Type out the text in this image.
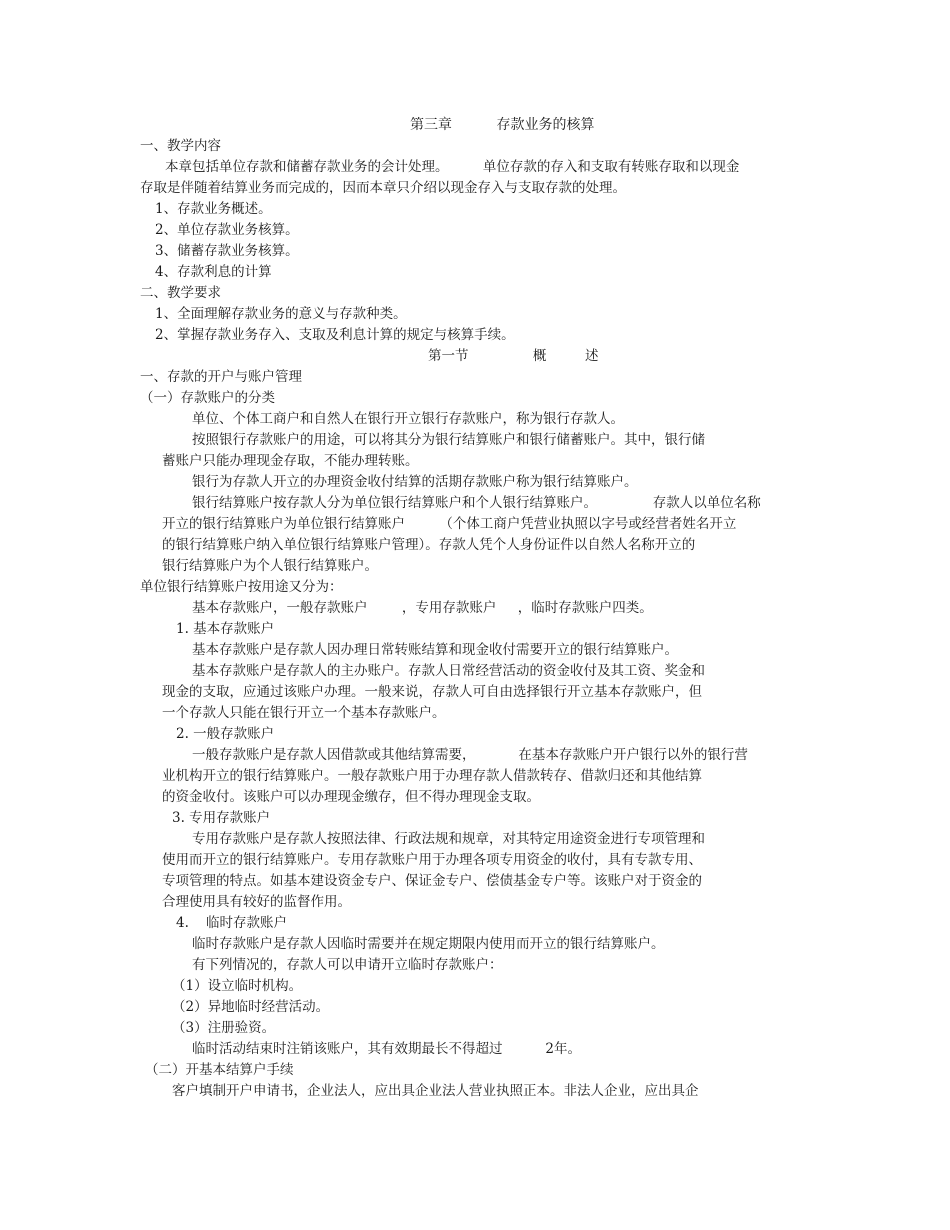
第三章          存款业务的核算
一、教学内容
本章包括单位存款和储蓄存款业务的会计处理。        单位存款的存入和支取有转账存取和以现金
存取是伴随着结算业务而完成的，因而本章只介绍以现金存入与支取存款的处理。
1、存款业务概述。
2、单位存款业务核算。
3、储蓄存款业务核算。
4、存款利息的计算
二、教学要求
1、全面理解存款业务的意义与存款种类。
2、掌握存款业务存入、支取及利息计算的规定与核算手续。
第一节               概         述
一、存款的开户与账户管理
（一）存款账户的分类
单位、个体工商户和自然人在银行开立银行存款账户，称为银行存款人。
按照银行存款账户的用途，可以将其分为银行结算账户和银行储蓄账户。其中，银行储
蓄账户只能办理现金存取，不能办理转账。
银行为存款人开立的办理资金收付结算的活期存款账户称为银行结算账户。
银行结算账户按存款人分为单位银行结算账户和个人银行结算账户。             存款人以单位名称
开立的银行结算账户为单位银行结算账户        （个体工商户凭营业执照以字号或经营者姓名开立
的银行结算账户纳入单位银行结算账户管理）。存款人凭个人身份证件以自然人名称开立的
银行结算账户为个人银行结算账户。
单位银行结算账户按用途又分为：
基本存款账户，一般存款账户        ，专用存款账户     ，临时存款账户四类。
1. 基本存款账户
基本存款账户是存款人因办理日常转账结算和现金收付需要开立的银行结算账户。
基本存款账户是存款人的主办账户。存款人日常经营活动的资金收付及其工资、奖金和
现金的支取，应通过该账户办理。一般来说，存款人可自由选择银行开立基本存款账户，但
一个存款人只能在银行开立一个基本存款账户。
2. 一般存款账户
一般存款账户是存款人因借款或其他结算需要，          在基本存款账户开户银行以外的银行营
业机构开立的银行结算账户。一般存款账户用于办理存款人借款转存、借款归还和其他结算
的资金收付。该账户可以办理现金缴存，但不得办理现金支取。
3. 专用存款账户
专用存款账户是存款人按照法律、行政法规和规章，对其特定用途资金进行专项管理和
使用而开立的银行结算账户。专用存款账户用于办理各项专用资金的收付，具有专款专用、
专项管理的特点。如基本建设资金专户、保证金专户、偿债基金专户等。该账户对于资金的
合理使用具有较好的监督作用。
4.    临时存款账户
临时存款账户是存款人因临时需要并在规定期限内使用而开立的银行结算账户。
有下列情况的，存款人可以申请开立临时存款账户：
（1）设立临时机构。
（2）异地临时经营活动。
（3）注册验资。
临时活动结束时注销该账户，其有效期最长不得超过          2年。
（二）开基本结算户手续
客户填制开户申请书，企业法人，应出具企业法人营业执照正本。非法人企业，应出具企
